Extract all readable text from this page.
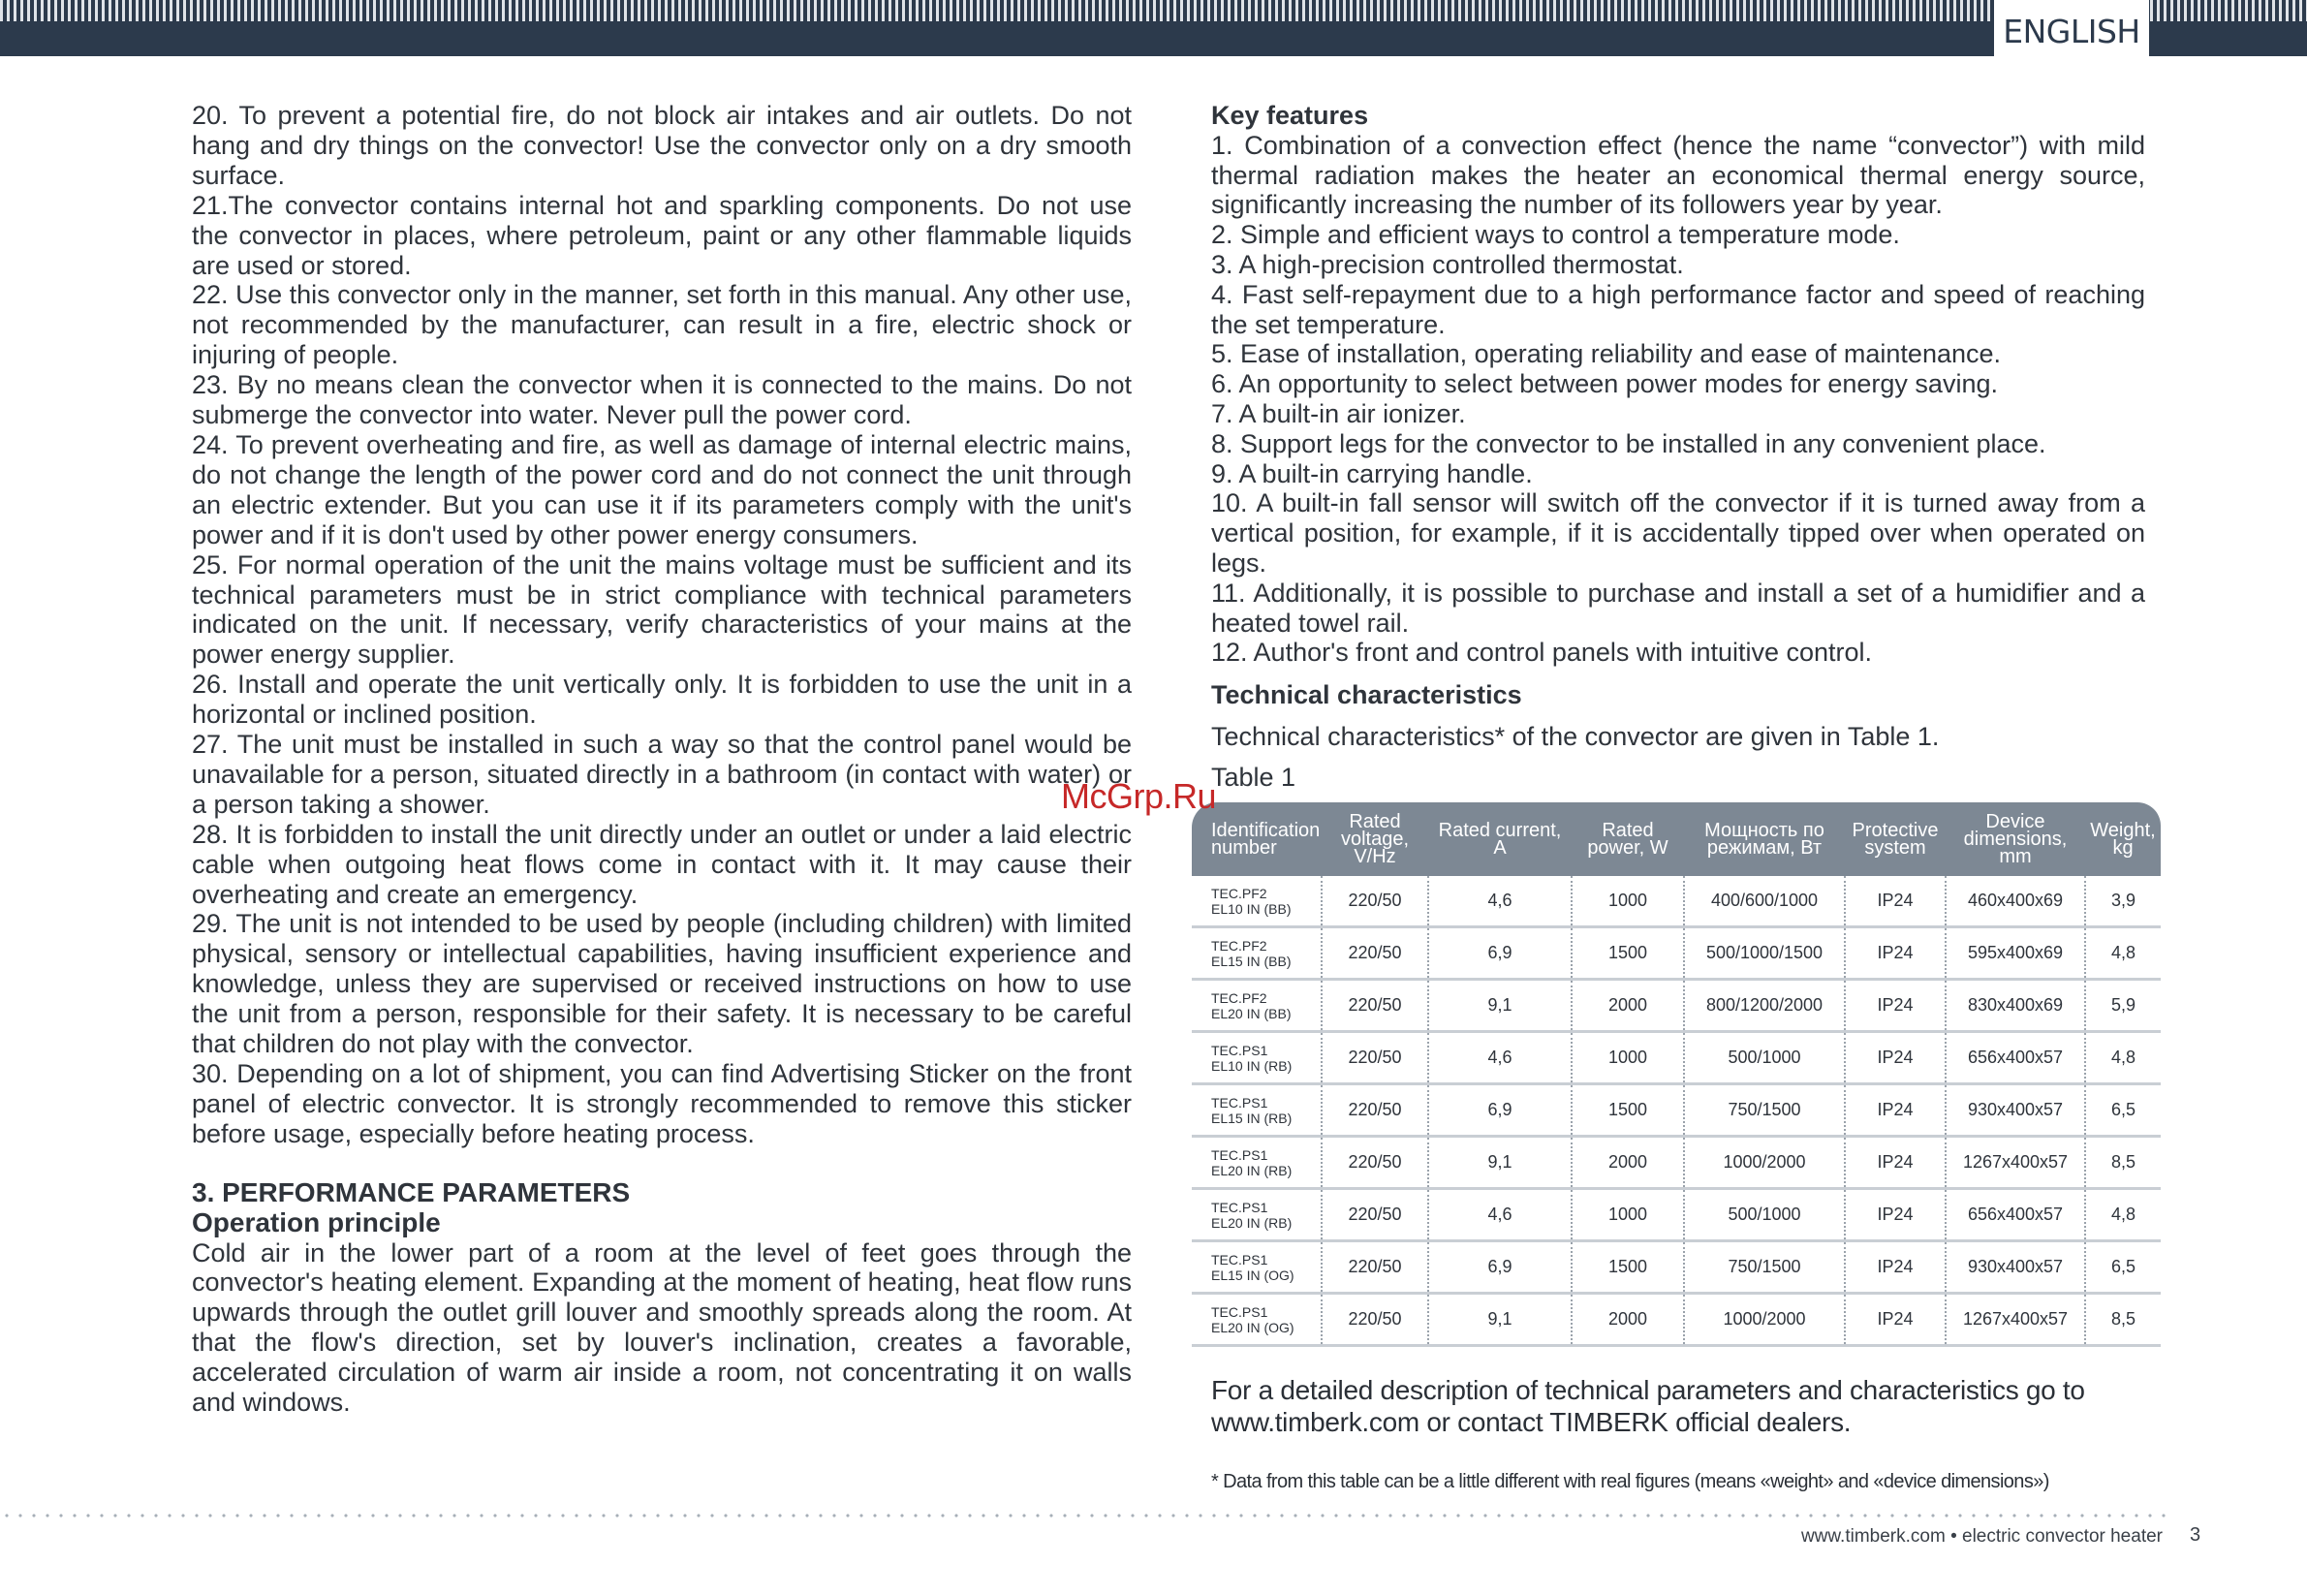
ENGLISH

20. To prevent a potential fire, do not block air intakes and air outlets. Do not hang and dry things on the convector! Use the convector only on a dry smooth surface.

21.The convector contains internal hot and sparkling components. Do not use the convector in places, where petroleum, paint or any other flammable liquids are used or stored.

22. Use this convector only in the manner, set forth in this manual. Any other use, not recommended by the manufacturer, can result in a fire, electric shock or injuring of people.

23. By no means clean the convector when it is connected to the mains. Do not submerge the convector into water. Never pull the power cord.

24. To prevent overheating and fire, as well as damage of internal electric mains, do not change the length of the power cord and do not connect the unit through an electric extender. But you can use it if its parameters comply with the unit's power and if it is don't used by other power energy consumers.

25. For normal operation of the unit the mains voltage must be sufficient and its technical parameters must be in strict compliance with technical parameters indicated on the unit. If necessary, verify characteristics of your mains at the power energy supplier.

26. Install and operate the unit vertically only. It is forbidden to use the unit in a horizontal or inclined position.

27. The unit must be installed in such a way so that the control panel would be unavailable for a person, situated directly in a bathroom (in contact with water) or a person taking a shower.

28. It is forbidden to install the unit directly under an outlet or under a laid electric cable when outgoing heat flows come in contact with it. It may cause their overheating and create an emergency.

29. The unit is not intended to be used by people (including children) with limited physical, sensory or intellectual capabilities, having insufficient experience and knowledge, unless they are supervised or received instructions on how to use the unit from a person, responsible for their safety. It is necessary to be careful that children do not play with the convector.

30. Depending on a lot of shipment, you can find Advertising Sticker on the front panel of electric convector. It is strongly recommended to remove this sticker before usage, especially before heating process.

3. PERFORMANCE PARAMETERS

Operation principle

Cold air in the lower part of a room at the level of feet goes through the convector's heating element. Expanding at the moment of heating, heat flow runs upwards through the outlet grill louver and smoothly spreads along the room. At that the flow's direction, set by louver's inclination, creates a favorable, accelerated circulation of warm air inside a room, not concentrating it on walls and windows.

Key features

1. Combination of a convection effect (hence the name “convector”) with mild thermal radiation makes the heater an economical thermal energy source, significantly increasing the number of its followers year by year.

2. Simple and efficient ways to control a temperature mode.

3. A high-precision controlled thermostat.

4. Fast self-repayment due to a high performance factor and speed of reaching the set temperature.

5. Ease of installation, operating reliability and ease of maintenance.

6. An opportunity to select between power modes for energy saving.

7. A built-in air ionizer.

8. Support legs for the convector to be installed in any convenient place.

9. A built-in carrying handle.

10. A built-in fall sensor will switch off the convector if it is turned away from a vertical position, for example, if it is accidentally tipped over when operated on legs.

11. Additionally, it is possible to purchase and install a set of a humidifier and a heated towel rail.

12. Author's front and control panels with intuitive control.

Technical characteristics

Technical characteristics* of the convector are given in Table 1.

Table 1

Identification number	Rated voltage, V/Hz	Rated current, A	Rated power, W	Мощность по режимам, Вт	Protective system	Device dimensions, mm	Weight, kg

TEC.PF2
EL10 IN (BB)	220/50	4,6	1000	400/600/1000	IP24	460x400x69	3,9

TEC.PF2
EL15 IN (BB)	220/50	6,9	1500	500/1000/1500	IP24	595x400x69	4,8

TEC.PF2
EL20 IN (BB)	220/50	9,1	2000	800/1200/2000	IP24	830x400x69	5,9

TEC.PS1
EL10 IN (RB)	220/50	4,6	1000	500/1000	IP24	656x400x57	4,8

TEC.PS1
EL15 IN (RB)	220/50	6,9	1500	750/1500	IP24	930x400x57	6,5

TEC.PS1
EL20 IN (RB)	220/50	9,1	2000	1000/2000	IP24	1267x400x57	8,5

TEC.PS1
EL20 IN (RB)	220/50	4,6	1000	500/1000	IP24	656x400x57	4,8

TEC.PS1
EL15 IN (OG)	220/50	6,9	1500	750/1500	IP24	930x400x57	6,5

TEC.PS1
EL20 IN (OG)	220/50	9,1	2000	1000/2000	IP24	1267x400x57	8,5
For a detailed description of technical parameters and characteristics go to www.timberk.com or contact TIMBERK official dealers.
* Data from this table can be a little different with real figures (means «weight» and «device dimensions»)
www.timberk.com • electric convector heater 3
McGrp.Ru
